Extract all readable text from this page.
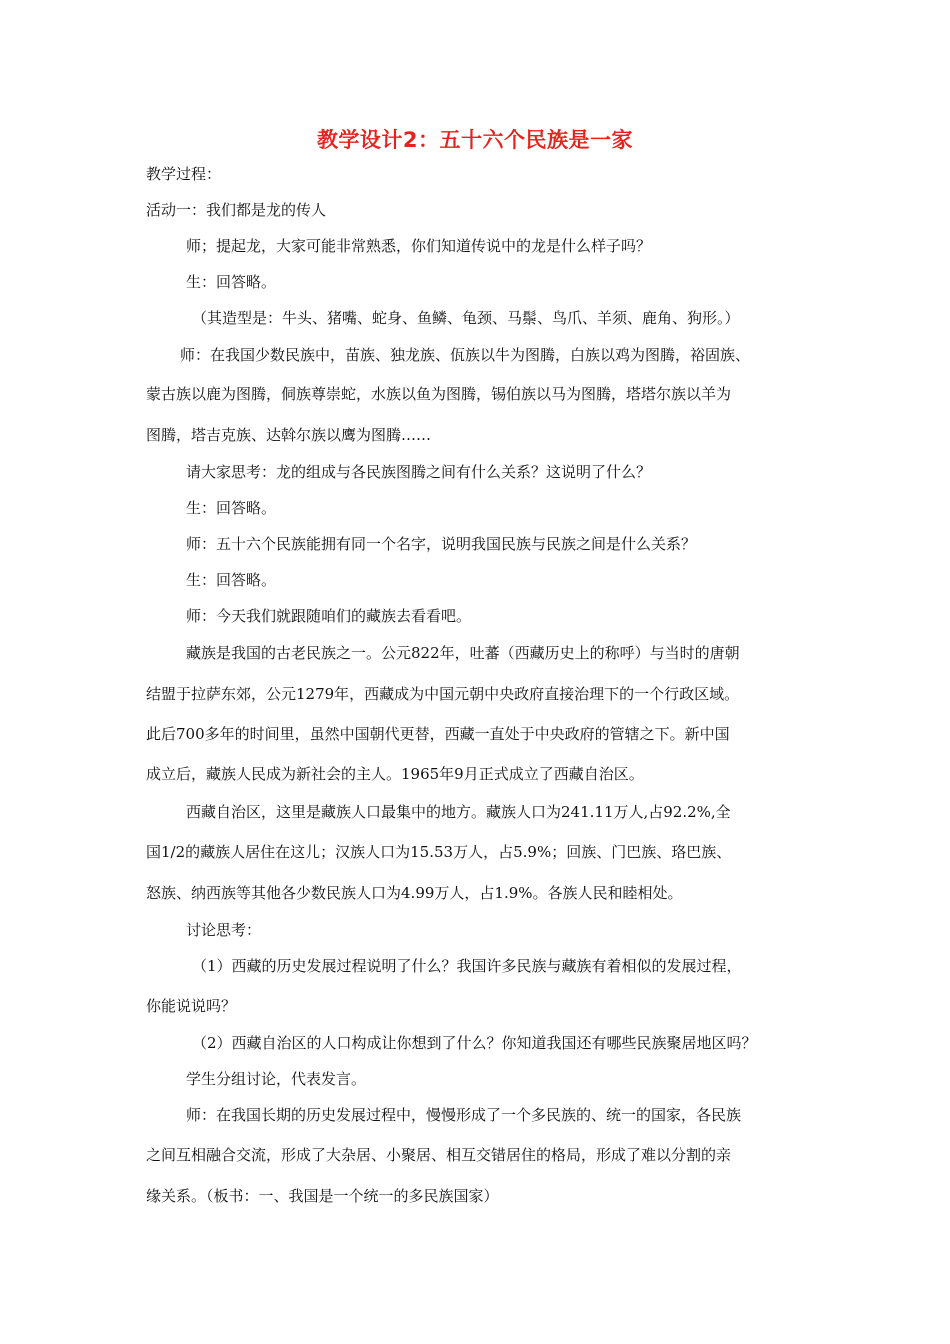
教学设计2：五十六个民族是一家
教学过程：
活动一：我们都是龙的传人
师；提起龙，大家可能非常熟悉，你们知道传说中的龙是什么样子吗？
生：回答略。
（其造型是：牛头、猪嘴、蛇身、鱼鳞、龟颈、马鬃、鸟爪、羊须、鹿角、狗形。）
师：在我国少数民族中，苗族、独龙族、佤族以牛为图腾，白族以鸡为图腾，裕固族、
蒙古族以鹿为图腾，侗族尊崇蛇，水族以鱼为图腾，锡伯族以马为图腾，塔塔尔族以羊为
图腾，塔吉克族、达斡尔族以鹰为图腾……
请大家思考：龙的组成与各民族图腾之间有什么关系？这说明了什么？
生：回答略。
师：五十六个民族能拥有同一个名字，说明我国民族与民族之间是什么关系？
生：回答略。
师：今天我们就跟随咱们的藏族去看看吧。
藏族是我国的古老民族之一。公元822年，吐蕃（西藏历史上的称呼）与当时的唐朝
结盟于拉萨东郊，公元1279年，西藏成为中国元朝中央政府直接治理下的一个行政区域。
此后700多年的时间里，虽然中国朝代更替，西藏一直处于中央政府的管辖之下。新中国
成立后，藏族人民成为新社会的主人。1965年9月正式成立了西藏自治区。
西藏自治区，这里是藏族人口最集中的地方。藏族人口为241.11万人,占92.2%,全
国1/2的藏族人居住在这儿；汉族人口为15.53万人，占5.9%；回族、门巴族、珞巴族、
怒族、纳西族等其他各少数民族人口为4.99万人，占1.9%。各族人民和睦相处。
讨论思考：
（1）西藏的历史发展过程说明了什么？我国许多民族与藏族有着相似的发展过程，
你能说说吗？
（2）西藏自治区的人口构成让你想到了什么？你知道我国还有哪些民族聚居地区吗？
学生分组讨论，代表发言。
师：在我国长期的历史发展过程中，慢慢形成了一个多民族的、统一的国家，各民族
之间互相融合交流，形成了大杂居、小聚居、相互交错居住的格局，形成了难以分割的亲
缘关系。（板书：一、我国是一个统一的多民族国家）
